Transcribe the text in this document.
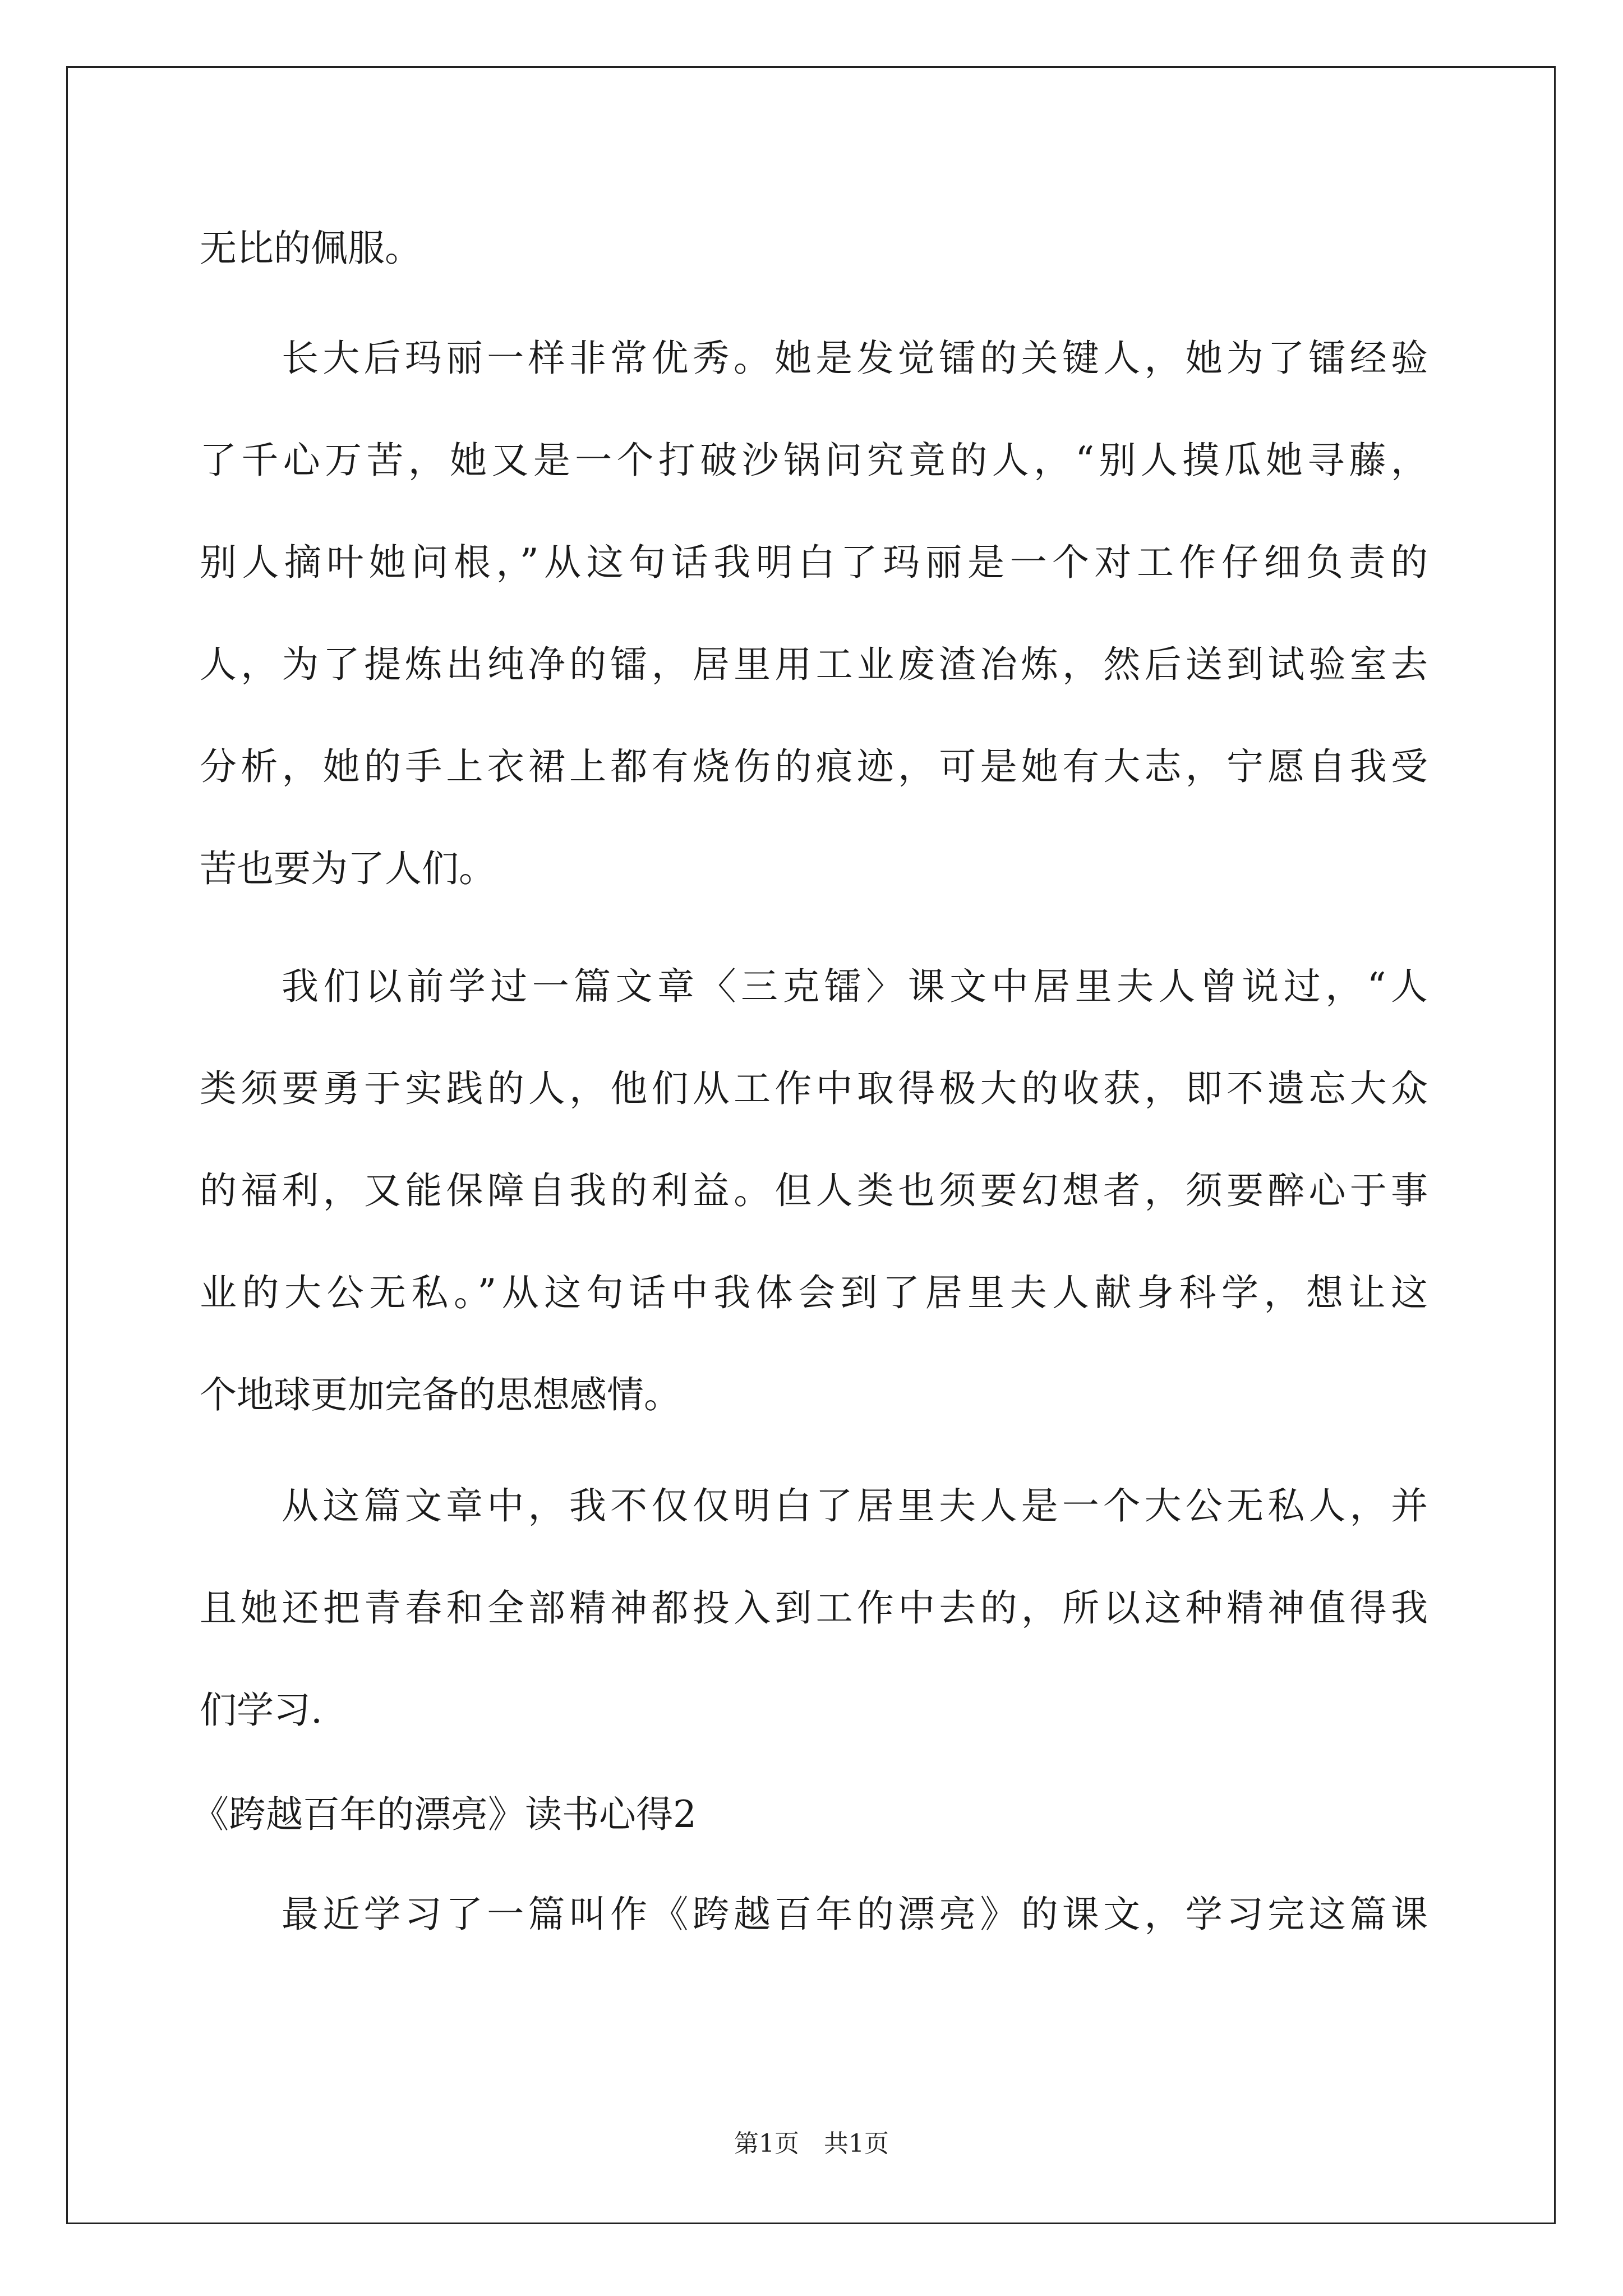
无比的佩服。
长大后玛丽一样非常优秀。她是发觉镭的关键人，她为了镭经验
了千心万苦，她又是一个打破沙锅问究竟的人，“别人摸瓜她寻藤，
别人摘叶她问根，”从这句话我明白了玛丽是一个对工作仔细负责的
人，为了提炼出纯净的镭，居里用工业废渣冶炼，然后送到试验室去
分析，她的手上衣裙上都有烧伤的痕迹，可是她有大志，宁愿自我受
苦也要为了人们。
我们以前学过一篇文章〈三克镭〉课文中居里夫人曾说过，“人
类须要勇于实践的人，他们从工作中取得极大的收获，即不遗忘大众
的福利，又能保障自我的利益。但人类也须要幻想者，须要醉心于事
业的大公无私。”从这句话中我体会到了居里夫人献身科学，想让这
个地球更加完备的思想感情。
从这篇文章中，我不仅仅明白了居里夫人是一个大公无私人，并
且她还把青春和全部精神都投入到工作中去的，所以这种精神值得我
们学习.
《跨越百年的漂亮》读书心得2
最近学习了一篇叫作《跨越百年的漂亮》的课文，学习完这篇课
第1页　共1页
